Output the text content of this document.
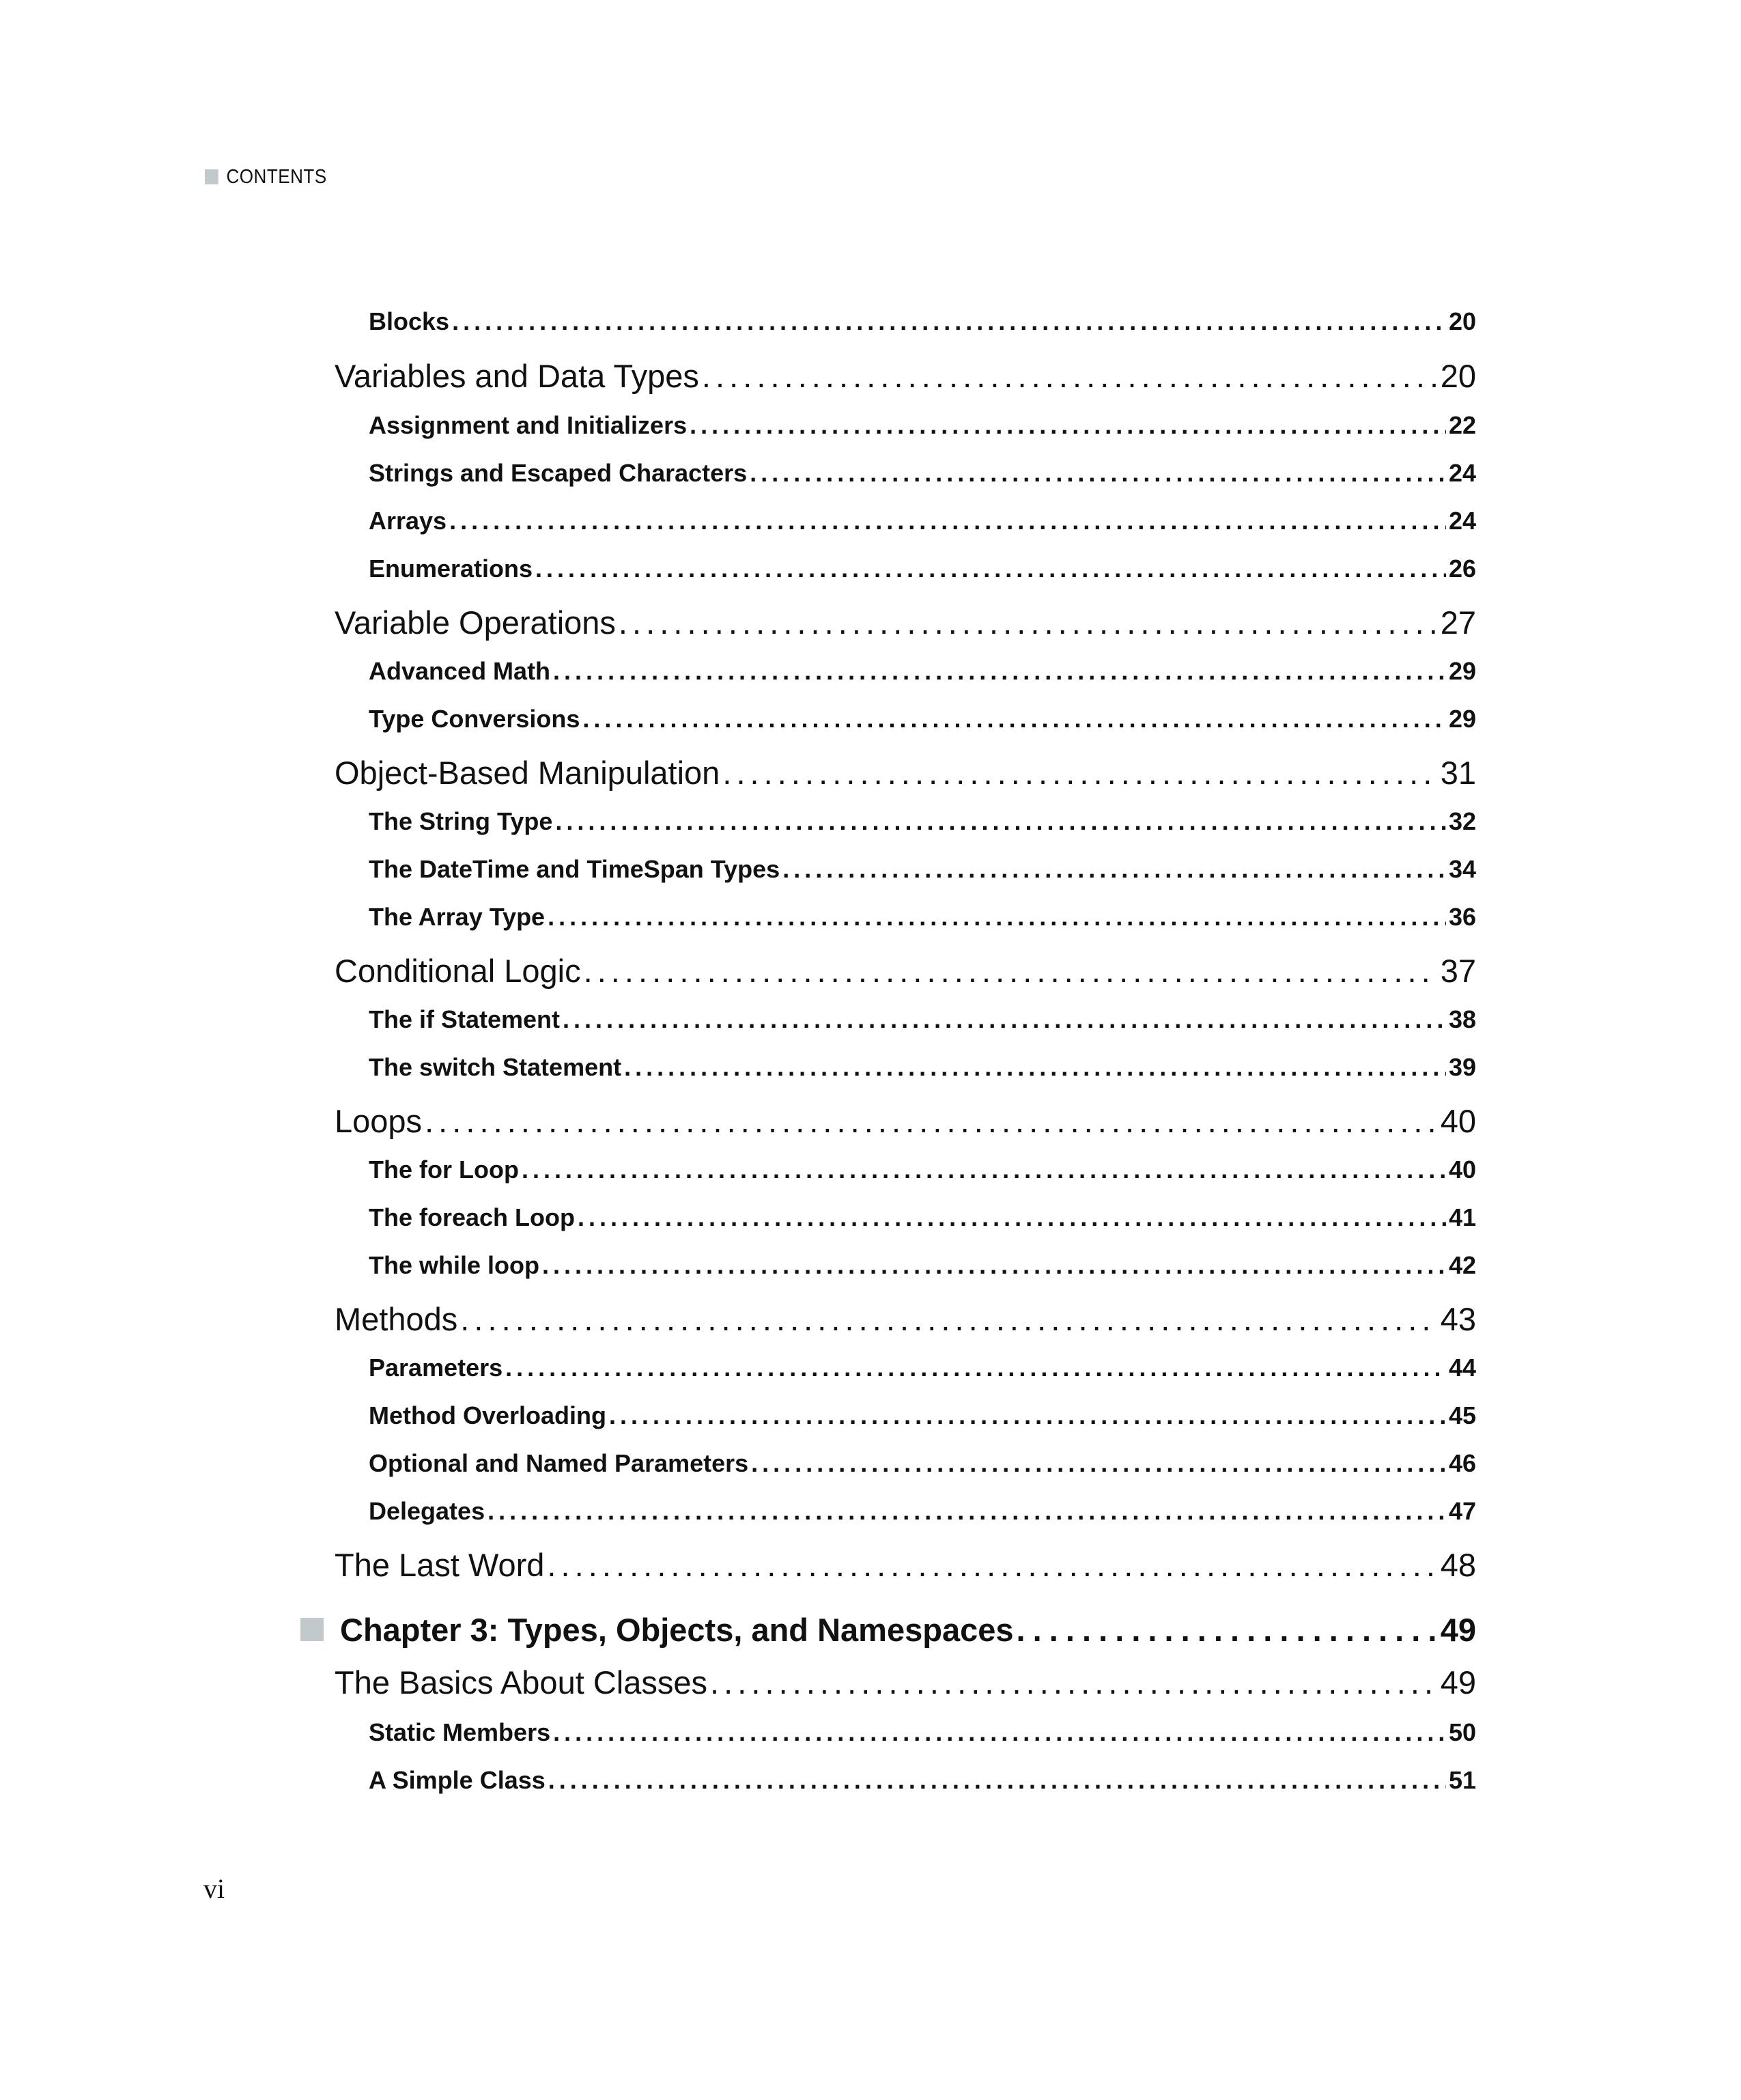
CONTENTS
Blocks . . .	20
Variables and Data Types . . .	20
Assignment and Initializers . . .	22
Strings and Escaped Characters . . .	24
Arrays . . .	24
Enumerations . . .	26
Variable Operations . . .	27
Advanced Math . . .	29
Type Conversions . . .	29
Object-Based Manipulation . . .	31
The String Type . . .	32
The DateTime and TimeSpan Types . . .	34
The Array Type . . .	36
Conditional Logic . . .	37
The if Statement . . .	38
The switch Statement . . .	39
Loops . . .	40
The for Loop . . .	40
The foreach Loop . . .	41
The while loop . . .	42
Methods . . .	43
Parameters . . .	44
Method Overloading . . .	45
Optional and Named Parameters . . .	46
Delegates . . .	47
The Last Word . . .	48
Chapter 3: Types, Objects, and Namespaces . . .	49
The Basics About Classes . . .	49
Static Members . . .	50
A Simple Class . . .	51
vi
